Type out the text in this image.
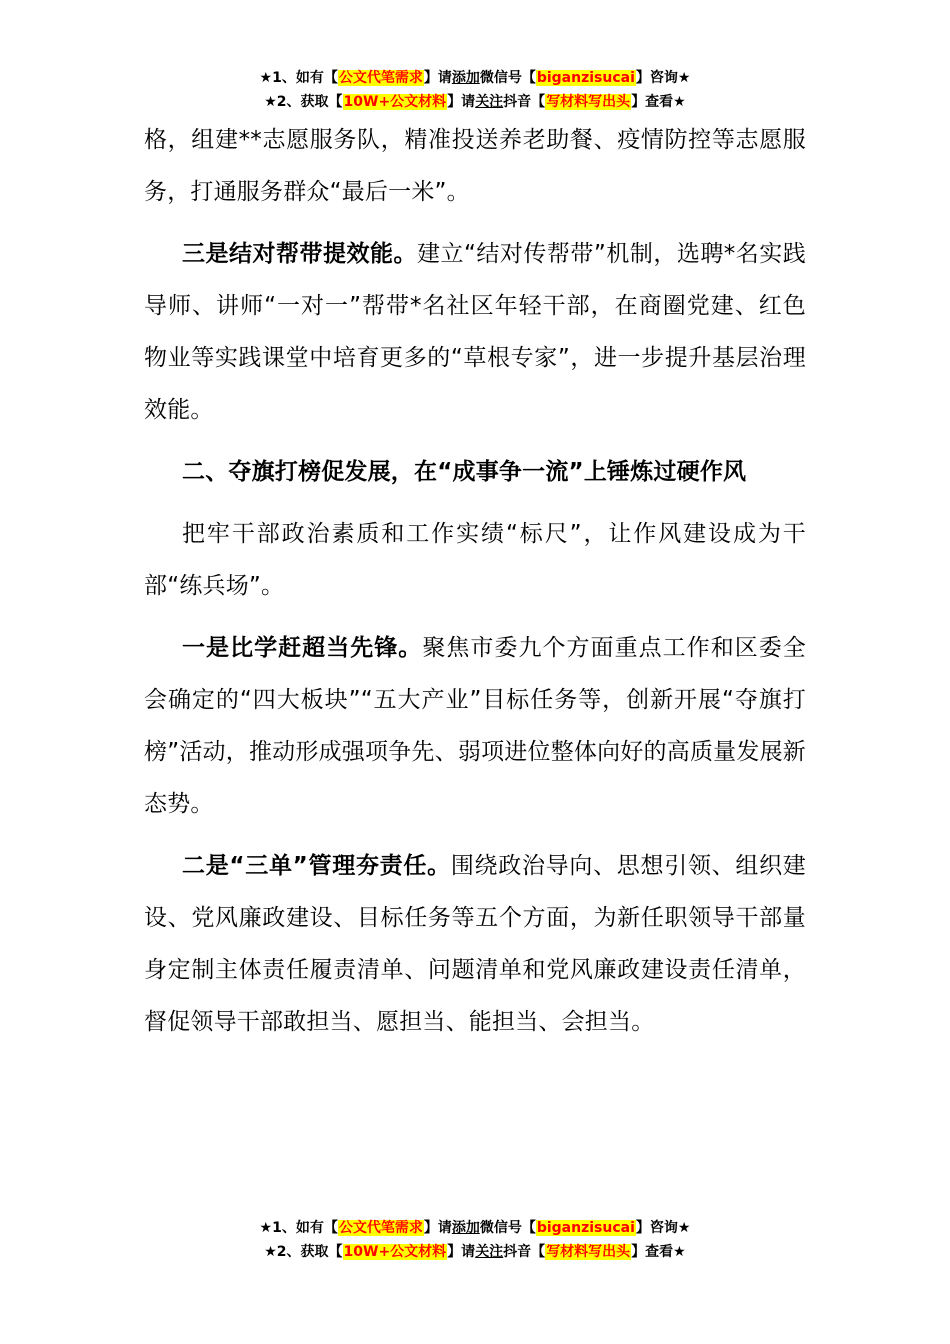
★1、如有【公文代笔需求】请添加微信号【biganzisucai】咨询★
★2、获取【10W+公文材料】请关注抖音【写材料写出头】查看★

格，组建**志愿服务队，精准投送养老助餐、疫情防控等志愿服务，打通服务群众“最后一米”。

三是结对帮带提效能。建立“结对传帮带”机制，选聘*名实践导师、讲师“一对一”帮带*名社区年轻干部，在商圈党建、红色物业等实践课堂中培育更多的“草根专家”，进一步提升基层治理效能。

二、夺旗打榜促发展，在“成事争一流”上锤炼过硬作风

把牢干部政治素质和工作实绩“标尺”，让作风建设成为干部“练兵场”。

一是比学赶超当先锋。聚焦市委九个方面重点工作和区委全会确定的“四大板块”“五大产业”目标任务等，创新开展“夺旗打榜”活动，推动形成强项争先、弱项进位整体向好的高质量发展新态势。

二是“三单”管理夯责任。围绕政治导向、思想引领、组织建设、党风廉政建设、目标任务等五个方面，为新任职领导干部量身定制主体责任履责清单、问题清单和党风廉政建设责任清单，督促领导干部敢担当、愿担当、能担当、会担当。

★1、如有【公文代笔需求】请添加微信号【biganzisucai】咨询★
★2、获取【10W+公文材料】请关注抖音【写材料写出头】查看★
